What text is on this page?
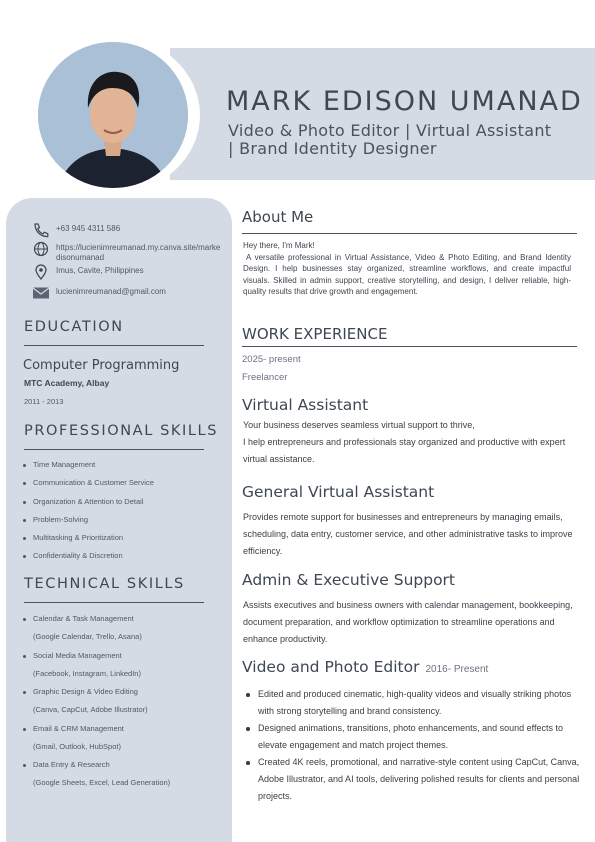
MARK EDISON UMANAD
Video & Photo Editor | Virtual Assistant | Brand Identity Designer
+63 945 4311 586
https://lucienimreumanad.my.canva.site/markedisonumanad
Imus, Cavite, Philippines
lucienimreumanad@gmail.com
EDUCATION
Computer Programming
MTC Academy, Albay
2011 - 2013
PROFESSIONAL SKILLS
Time Management
Communication & Customer Service
Organization & Attention to Detail
Problem-Solving
Multitasking & Prioritization
Confidentiality & Discretion
TECHNICAL SKILLS
Calendar & Task Management
(Google Calendar, Trello, Asana)
Social Media Management
(Facebook, Instagram, LinkedIn)
Graphic Design & Video Editing
(Canva, CapCut, Adobe Illustrator)
Email & CRM Management
(Gmail, Outlook, HubSpot)
Data Entry & Research
(Google Sheets, Excel, Lead Generation)
About Me
Hey there, I'm Mark!
A versatile professional in Virtual Assistance, Video & Photo Editing, and Brand Identity Design. I help businesses stay organized, streamline workflows, and create impactful visuals. Skilled in admin support, creative storytelling, and design, I deliver reliable, high-quality results that drive growth and engagement.
WORK EXPERIENCE
2025- present
Freelancer
Virtual Assistant
Your business deserves seamless virtual support to thrive,
I help entrepreneurs and professionals stay organized and productive with expert virtual assistance.
General Virtual Assistant
Provides remote support for businesses and entrepreneurs by managing emails, scheduling, data entry, customer service, and other administrative tasks to improve efficiency.
Admin & Executive Support
Assists executives and business owners with calendar management, bookkeeping, document preparation, and workflow optimization to streamline operations and enhance productivity.
Video and Photo Editor 2016- Present
Edited and produced cinematic, high-quality videos and visually striking photos with strong storytelling and brand consistency.
Designed animations, transitions, photo enhancements, and sound effects to elevate engagement and match project themes.
Created 4K reels, promotional, and narrative-style content using CapCut, Canva, Adobe Illustrator, and AI tools, delivering polished results for clients and personal projects.
